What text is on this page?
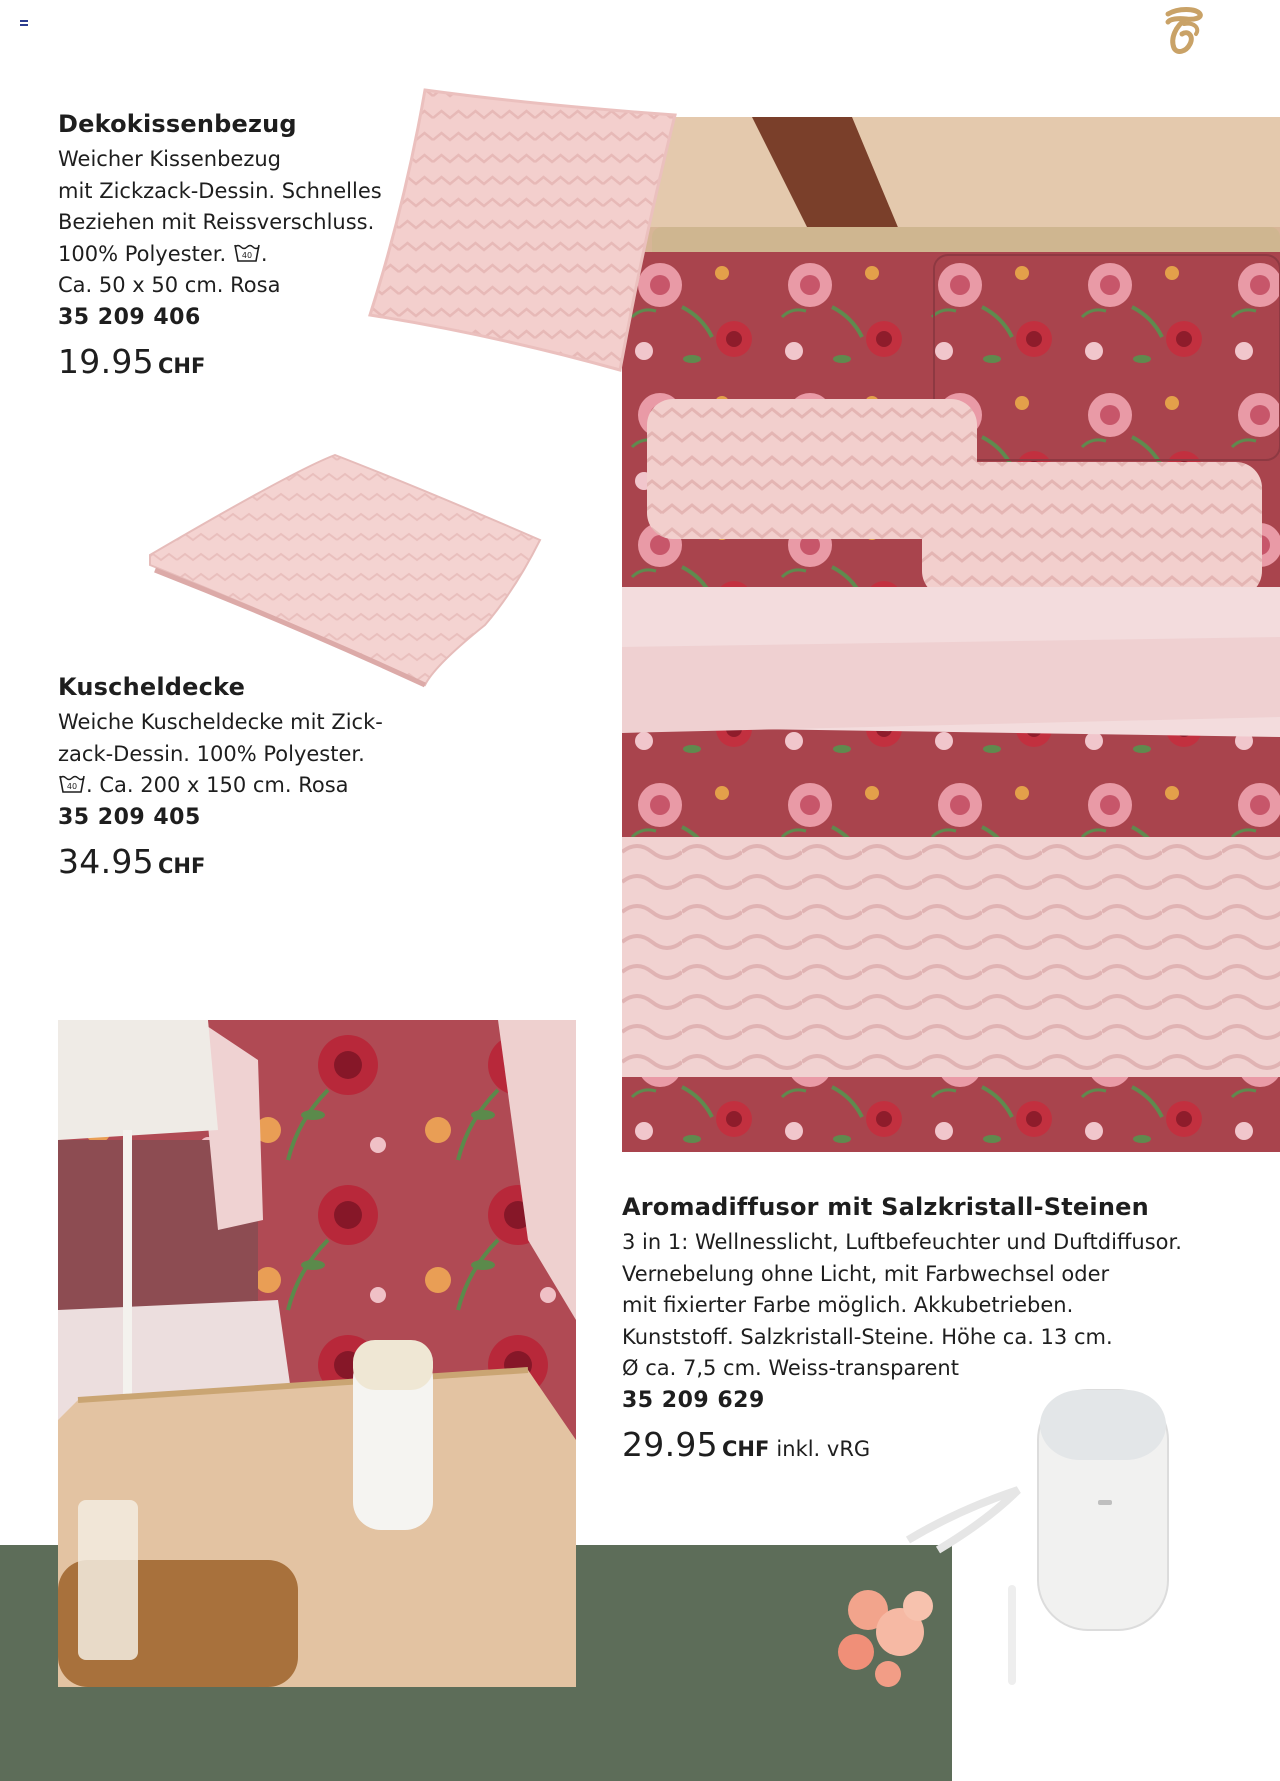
Dekokissenbezug
Weicher Kissenbezug
mit Zickzack-Dessin. Schnelles
Beziehen mit Reissverschluss.
100% Polyester. 40 .
Ca. 50 x 50 cm. Rosa
35 209 406
19.95 CHF
Kuscheldecke
Weiche Kuscheldecke mit Zick-
zack-Dessin. 100% Polyester.
40 . Ca. 200 x 150 cm. Rosa
35 209 405
34.95 CHF
Aromadiffusor mit Salzkristall-Steinen
3 in 1: Wellnesslicht, Luftbefeuchter und Duftdiffusor.
Vernebelung ohne Licht, mit Farbwechsel oder
mit fixierter Farbe möglich. Akkubetrieben.
Kunststoff. Salzkristall-Steine. Höhe ca. 13 cm.
Ø ca. 7,5 cm. Weiss-transparent
35 209 629
29.95 CHF inkl. vRG
